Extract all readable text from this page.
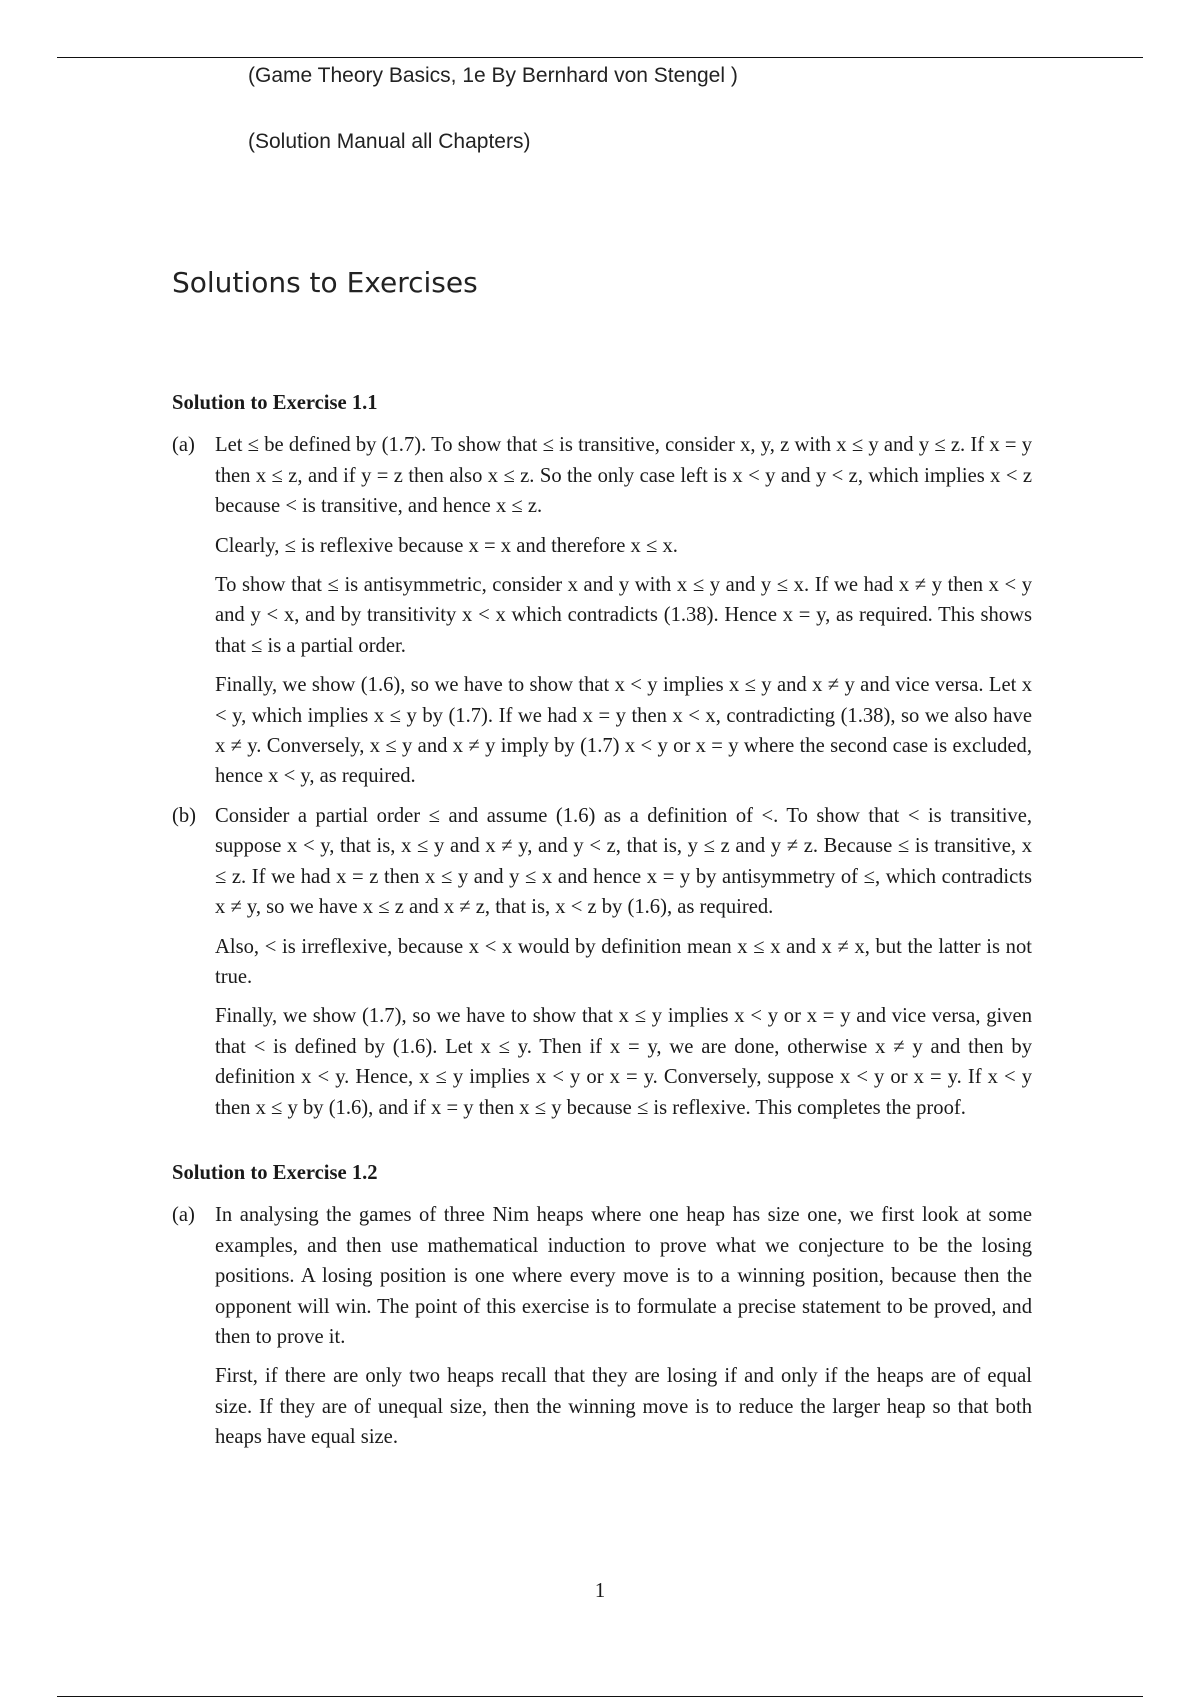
(Game Theory Basics, 1e By Bernhard von Stengel )
(Solution Manual all Chapters)
Solutions to Exercises
Solution to Exercise 1.1
(a) Let ≤ be defined by (1.7). To show that ≤ is transitive, consider x, y, z with x ≤ y and y ≤ z. If x = y then x ≤ z, and if y = z then also x ≤ z. So the only case left is x < y and y < z, which implies x < z because < is transitive, and hence x ≤ z.

Clearly, ≤ is reflexive because x = x and therefore x ≤ x.

To show that ≤ is antisymmetric, consider x and y with x ≤ y and y ≤ x. If we had x ≠ y then x < y and y < x, and by transitivity x < x which contradicts (1.38). Hence x = y, as required. This shows that ≤ is a partial order.

Finally, we show (1.6), so we have to show that x < y implies x ≤ y and x ≠ y and vice versa. Let x < y, which implies x ≤ y by (1.7). If we had x = y then x < x, contradicting (1.38), so we also have x ≠ y. Conversely, x ≤ y and x ≠ y imply by (1.7) x < y or x = y where the second case is excluded, hence x < y, as required.

(b) Consider a partial order ≤ and assume (1.6) as a definition of <. To show that < is transitive, suppose x < y, that is, x ≤ y and x ≠ y, and y < z, that is, y ≤ z and y ≠ z. Because ≤ is transitive, x ≤ z. If we had x = z then x ≤ y and y ≤ x and hence x = y by antisymmetry of ≤, which contradicts x ≠ y, so we have x ≤ z and x ≠ z, that is, x < z by (1.6), as required.

Also, < is irreflexive, because x < x would by definition mean x ≤ x and x ≠ x, but the latter is not true.

Finally, we show (1.7), so we have to show that x ≤ y implies x < y or x = y and vice versa, given that < is defined by (1.6). Let x ≤ y. Then if x = y, we are done, otherwise x ≠ y and then by definition x < y. Hence, x ≤ y implies x < y or x = y. Conversely, suppose x < y or x = y. If x < y then x ≤ y by (1.6), and if x = y then x ≤ y because ≤ is reflexive. This completes the proof.

Solution to Exercise 1.2
(a) In analysing the games of three Nim heaps where one heap has size one, we first look at some examples, and then use mathematical induction to prove what we conjecture to be the losing positions. A losing position is one where every move is to a winning position, because then the opponent will win. The point of this exercise is to formulate a precise statement to be proved, and then to prove it.

First, if there are only two heaps recall that they are losing if and only if the heaps are of equal size. If they are of unequal size, then the winning move is to reduce the larger heap so that both heaps have equal size.

1
